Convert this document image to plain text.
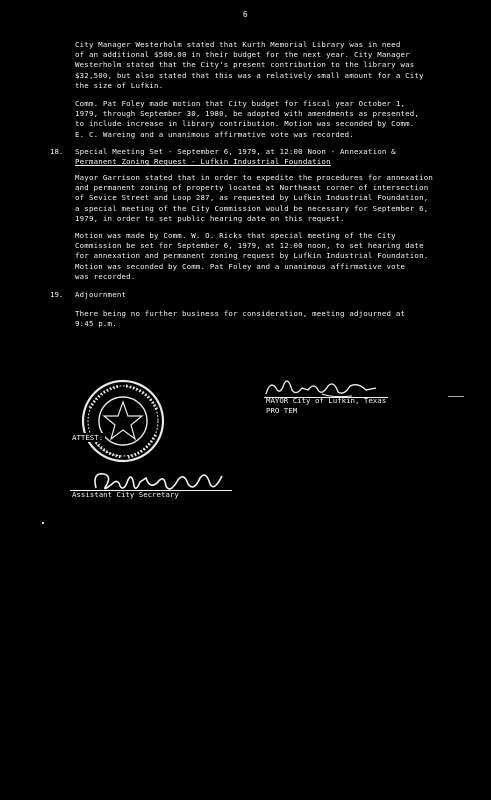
6
City Manager Westerholm stated that Kurth Memorial Library was in need
of an additional $500.00 in their budget for the next year. City Manager
Westerholm stated that the City's present contribution to the library was
$32,500, but also stated that this was a relatively small amount for a City
the size of Lufkin.
Comm. Pat Foley made motion that City budget for fiscal year October 1,
1979, through September 30, 1980, be adopted with amendments as presented,
to include increase in library contribution. Motion was seconded by Comm.
E. C. Wareing and a unanimous affirmative vote was recorded.
18. Special Meeting Set - September 6, 1979, at 12:00 Noon - Annexation &
Permanent Zoning Request - Lufkin Industrial Foundation
Mayor Garrison stated that in order to expedite the procedures for annexation
and permanent zoning of property located at Northeast corner of intersection
of Sevice Street and Loop 287, as requested by Lufkin Industrial Foundation,
a special meeting of the City Commission would be necessary for September 6,
1979, in order to set public hearing date on this request.
Motion was made by Comm. W. O. Ricks that special meeting of the City
Commission be set for September 6, 1979, at 12:00 noon, to set hearing date
for annexation and permanent zoning request by Lufkin Industrial Foundation.
Motion was seconded by Comm. Pat Foley and a unanimous affirmative vote
was recorded.
19. Adjournment
There being no further business for consideration, meeting adjourned at
9:45 p.m.
ATTEST:
MAYOR City of Lufkin, Texas
PRO TEM
Assistant City Secretary
